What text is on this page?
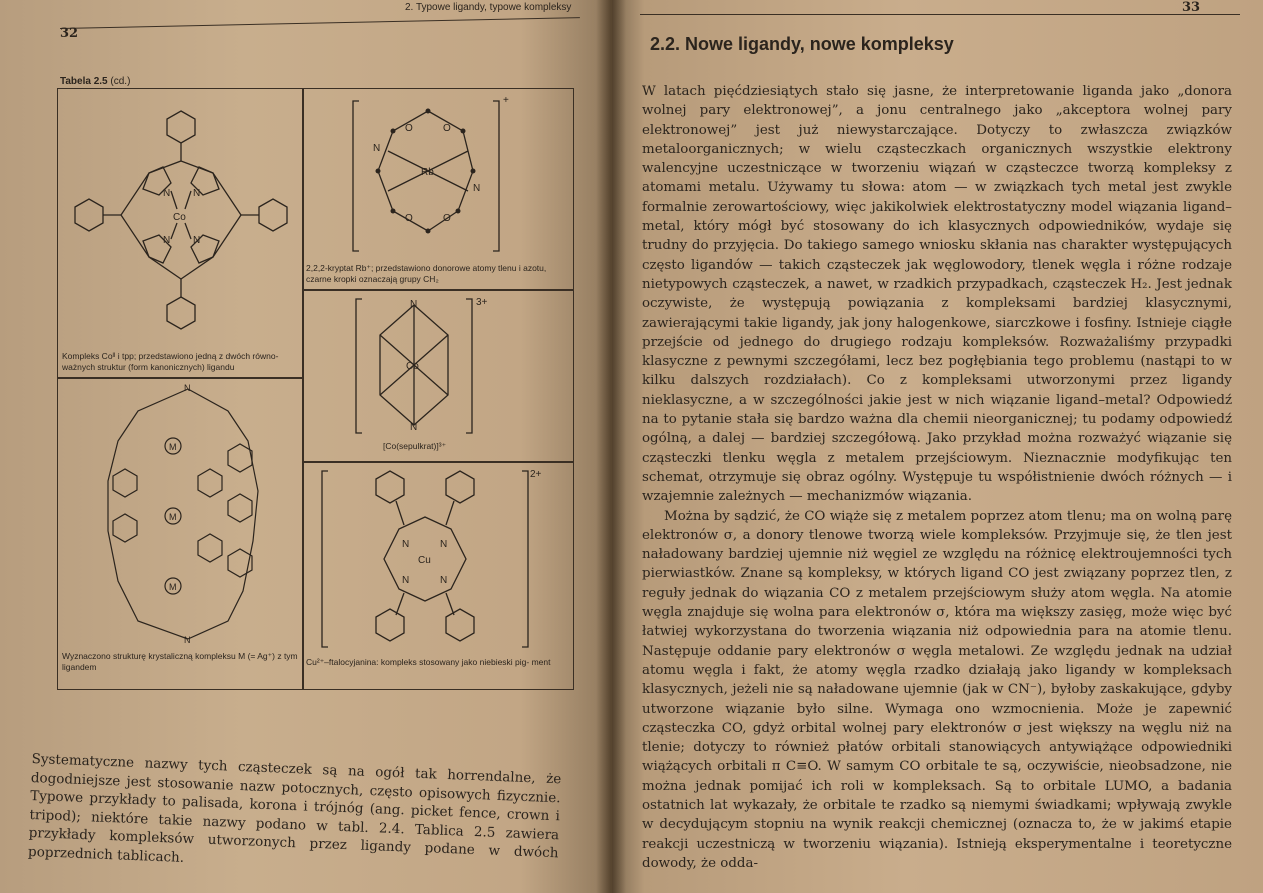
2. Typowe ligandy, typowe kompleksy
32
Tabela 2.5 (cd.)
N N
N N
Co
Kompleks Coᴵᴵ i tpp; przedstawiono jedną z dwóch równo- ważnych struktur (form kanonicznych) ligandu
M
M
M
N
N
Wyznaczono strukturę krystaliczną kompleksu M (= Ag⁺) z tym ligandem
Rb
+
O	O
N
N
O	O
2,2,2-kryptat Rb⁺; przedstawiono donorowe atomy tlenu i azotu, czarne kropki oznaczają grupy CH₂
Co
3+
N
N
[Co(sepulkrat)]³⁺
Cu
2+
N	N
N	N
Cu²⁺–ftalocyjanina: kompleks stosowany jako niebieski pig- ment

Systematyczne nazwy tych cząsteczek są na ogół tak horrendalne, że dogodniejsze jest stosowanie nazw potocznych, często opisowych fizycznie. Typowe przykłady to palisada, korona i trójnóg (ang. picket fence, crown i tripod); niektóre takie nazwy podano w tabl. 2.4. Tablica 2.5 zawiera przykłady kompleksów utworzonych przez ligandy podane w dwóch poprzednich tablicach.

33
2.2. Nowe ligandy, nowe kompleksy

W latach pięćdziesiątych stało się jasne, że interpretowanie liganda jako „donora wolnej pary elektronowej”, a jonu centralnego jako „akceptora wolnej pary elektronowej” jest już niewystarczające. Dotyczy to zwłaszcza związków metaloorganicznych; w wielu cząsteczkach organicznych wszystkie elektrony walencyjne uczestniczące w tworzeniu wiązań w cząsteczce tworzą kompleksy z atomami metalu. Używamy tu słowa: atom — w związkach tych metal jest zwykle formalnie zerowartościowy, więc jakikolwiek elektrostatyczny model wiązania ligand–metal, który mógł być stosowany do ich klasycznych odpowiedników, wydaje się trudny do przyjęcia. Do takiego samego wniosku skłania nas charakter występujących często ligandów — takich cząsteczek jak węglowodory, tlenek węgla i różne rodzaje nietypowych cząsteczek, a nawet, w rzadkich przypadkach, cząsteczek H₂. Jest jednak oczywiste, że występują powiązania z kompleksami bardziej klasycznymi, zawierającymi takie ligandy, jak jony halogenkowe, siarczkowe i fosfiny. Istnieje ciągłe przejście od jednego do drugiego rodzaju kompleksów. Rozważaliśmy przypadki klasyczne z pewnymi szczegółami, lecz bez pogłębiania tego problemu (nastąpi to w kilku dalszych rozdziałach). Co z kompleksami utworzonymi przez ligandy nieklasyczne, a w szczególności jakie jest w nich wiązanie ligand–metal? Odpowiedź na to pytanie stała się bardzo ważna dla chemii nieorganicznej; tu podamy odpowiedź ogólną, a dalej — bardziej szczegółową. Jako przykład można rozważyć wiązanie się cząsteczki tlenku węgla z metalem przejściowym. Nieznacznie modyfikując ten schemat, otrzymuje się obraz ogólny. Występuje tu współistnienie dwóch różnych — i wzajemnie zależnych — mechanizmów wiązania.

Można by sądzić, że CO wiąże się z metalem poprzez atom tlenu; ma on wolną parę elektronów σ, a donory tlenowe tworzą wiele kompleksów. Przyjmuje się, że tlen jest naładowany bardziej ujemnie niż węgiel ze względu na różnicę elektroujemności tych pierwiastków. Znane są kompleksy, w których ligand CO jest związany poprzez tlen, z reguły jednak do wiązania CO z metalem przejściowym służy atom węgla. Na atomie węgla znajduje się wolna para elektronów σ, która ma większy zasięg, może więc być łatwiej wykorzystana do tworzenia wiązania niż odpowiednia para na atomie tlenu. Następuje oddanie pary elektronów σ węgla metalowi. Ze względu jednak na udział atomu węgla i fakt, że atomy węgla rzadko działają jako ligandy w kompleksach klasycznych, jeżeli nie są naładowane ujemnie (jak w CN⁻), byłoby zaskakujące, gdyby utworzone wiązanie było silne. Wymaga ono wzmocnienia. Może je zapewnić cząsteczka CO, gdyż orbital wolnej pary elektronów σ jest większy na węglu niż na tlenie; dotyczy to również płatów orbitali stanowiących antywiążące odpowiedniki wiążących orbitali π C≡O. W samym CO orbitale te są, oczywiście, nieobsadzone, nie można jednak pomijać ich roli w kompleksach. Są to orbitale LUMO, a badania ostatnich lat wykazały, że orbitale te rzadko są niemymi świadkami; wpływają zwykle w decydującym stopniu na wynik reakcji chemicznej (oznacza to, że w jakimś etapie reakcji uczestniczą w tworzeniu wiązania). Istnieją eksperymentalne i teoretyczne dowody, że odda-
